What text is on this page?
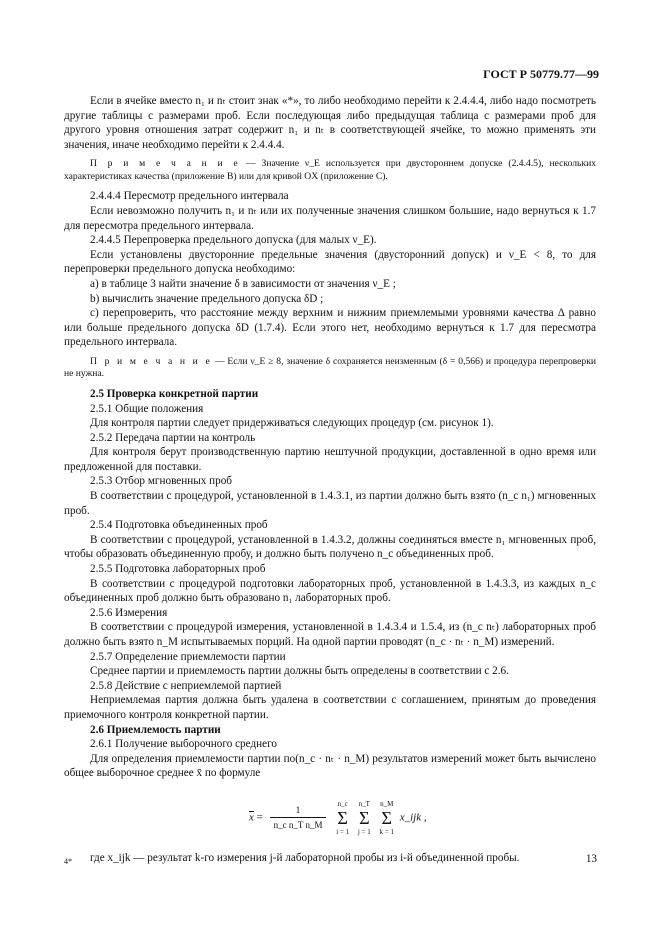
ГОСТ Р 50779.77—99

Если в ячейке вместо n₁ и nₜ стоит знак «*», то либо необходимо перейти к 2.4.4.4, либо надо посмотреть другие таблицы с размерами проб. Если последующая либо предыдущая таблица с размерами проб для другого уровня отношения затрат содержит n₁ и nₜ в соответствующей ячейке, то можно применять эти значения, иначе необходимо перейти к 2.4.4.4.

П р и м е ч а н и е — Значение ν_E используется при двустороннем допуске (2.4.4.5), нескольких характеристиках качества (приложение B) или для кривой OX (приложение C).

2.4.4.4 Пересмотр предельного интервала

Если невозможно получить n₁ и nₜ или их полученные значения слишком большие, надо вернуться к 1.7 для пересмотра предельного интервала.

2.4.4.5 Перепроверка предельного допуска (для малых ν_E).

Если установлены двусторонние предельные значения (двусторонний допуск) и ν_E < 8, то для перепроверки предельного допуска необходимо:

а) в таблице 3 найти значение δ в зависимости от значения ν_E ;

b) вычислить значение предельного допуска δD ;

c) перепроверить, что расстояние между верхним и нижним приемлемыми уровнями качества Δ равно или больше предельного допуска δD (1.7.4). Если этого нет, необходимо вернуться к 1.7 для пересмотра предельного интервала.

П р и м е ч а н и е — Если ν_E ≥ 8, значение δ сохраняется неизменным (δ = 0,566) и процедура перепроверки не нужна.

2.5 Проверка конкретной партии

2.5.1 Общие положения

Для контроля партии следует придерживаться следующих процедур (см. рисунок 1).

2.5.2 Передача партии на контроль

Для контроля берут производственную партию нештучной продукции, доставленной в одно время или предложенной для поставки.

2.5.3 Отбор мгновенных проб

В соответствии с процедурой, установленной в 1.4.3.1, из партии должно быть взято (n_c n₁) мгновенных проб.

2.5.4 Подготовка объединенных проб

В соответствии с процедурой, установленной в 1.4.3.2, должны соединяться вместе n₁ мгновенных проб, чтобы образовать объединенную пробу, и должно быть получено n_c объединенных проб.

2.5.5 Подготовка лабораторных проб

В соответствии с процедурой подготовки лабораторных проб, установленной в 1.4.3.3, из каждых n_c объединенных проб должно быть образовано n₁ лабораторных проб.

2.5.6 Измерения

В соответствии с процедурой измерения, установленной в 1.4.3.4 и 1.5.4, из (n_c nₜ) лабораторных проб должно быть взято n_M испытываемых порций. На одной партии проводят (n_c · nₜ · n_M) измерений.

2.5.7 Определение приемлемости партии

Среднее партии и приемлемость партии должны быть определены в соответствии с 2.6.

2.5.8 Действие с неприемлемой партией

Неприемлемая партия должна быть удалена в соответствии с соглашением, принятым до проведения приемочного контроля конкретной партии.

2.6 Приемлемость партии

2.6.1 Получение выборочного среднего

Для определения приемлемости партии по(n_c · nₜ · n_M) результатов измерений может быть вычислено общее выборочное среднее x̄ по формуле

$\overline{x} = \frac{1}{\text{n\_c n\_T n\_M}}$
n_c
Σ
i = 1

n_T
Σ
j = 1

n_M
Σ
k = 1
x_ijk ,

где x_ijk — результат k-го измерения j-й лабораторной пробы из i-й объединенной пробы.

4*	13
